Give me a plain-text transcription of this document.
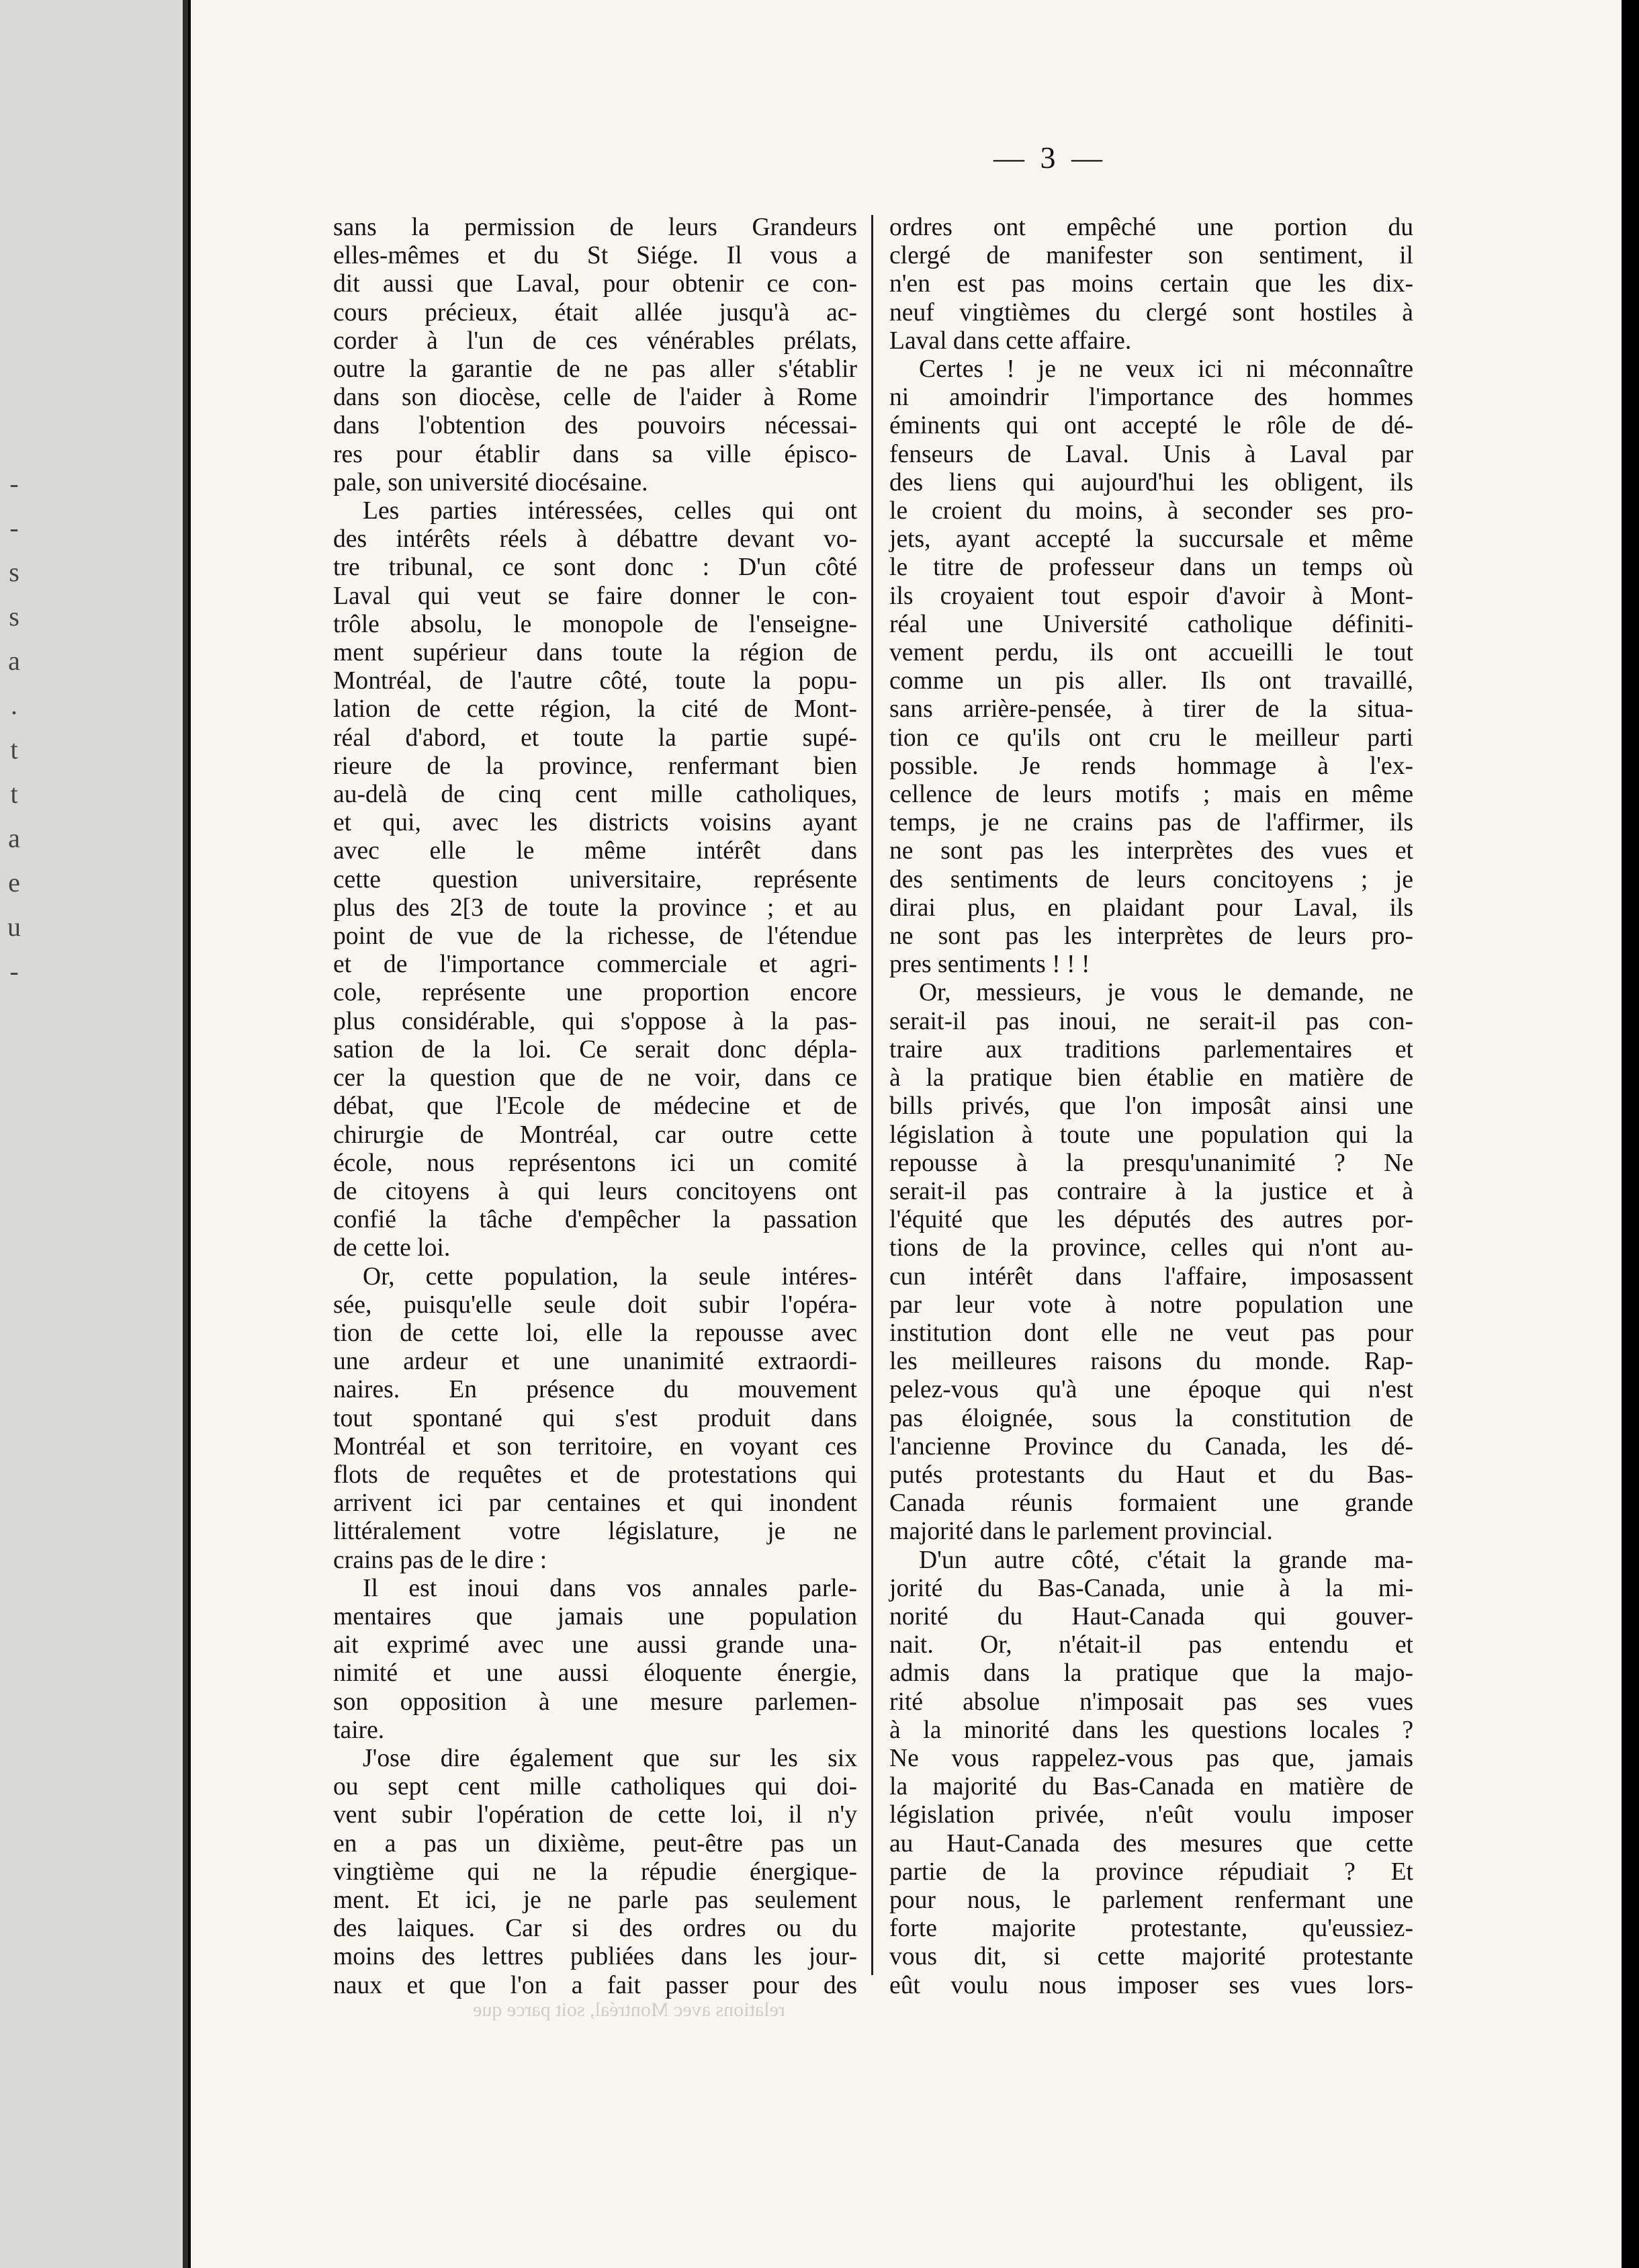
-
-
s
s
a
.
t
t
a
e
u
-
— 3 —

sans la permission de leurs Grandeurs

elles-mêmes et du St Siége. Il vous a

dit aussi que Laval, pour obtenir ce con-

cours précieux, était allée jusqu'à ac-

corder à l'un de ces vénérables prélats,

outre la garantie de ne pas aller s'établir

dans son diocèse, celle de l'aider à Rome

dans l'obtention des pouvoirs nécessai-

res pour établir dans sa ville épisco-

pale, son université diocésaine.

Les parties intéressées, celles qui ont

des intérêts réels à débattre devant vo-

tre tribunal, ce sont donc : D'un côté

Laval qui veut se faire donner le con-

trôle absolu, le monopole de l'enseigne-

ment supérieur dans toute la région de

Montréal, de l'autre côté, toute la popu-

lation de cette région, la cité de Mont-

réal d'abord, et toute la partie supé-

rieure de la province, renfermant bien

au-delà de cinq cent mille catholiques,

et qui, avec les districts voisins ayant

avec elle le même intérêt dans

cette question universitaire, représente

plus des 2[3 de toute la province ; et au

point de vue de la richesse, de l'étendue

et de l'importance commerciale et agri-

cole, représente une proportion encore

plus considérable, qui s'oppose à la pas-

sation de la loi. Ce serait donc dépla-

cer la question que de ne voir, dans ce

débat, que l'Ecole de médecine et de

chirurgie de Montréal, car outre cette

école, nous représentons ici un comité

de citoyens à qui leurs concitoyens ont

confié la tâche d'empêcher la passation

de cette loi.

Or, cette population, la seule intéres-

sée, puisqu'elle seule doit subir l'opéra-

tion de cette loi, elle la repousse avec

une ardeur et une unanimité extraordi-

naires. En présence du mouvement

tout spontané qui s'est produit dans

Montréal et son territoire, en voyant ces

flots de requêtes et de protestations qui

arrivent ici par centaines et qui inondent

littéralement votre législature, je ne

crains pas de le dire :

Il est inoui dans vos annales parle-

mentaires que jamais une population

ait exprimé avec une aussi grande una-

nimité et une aussi éloquente énergie,

son opposition à une mesure parlemen-

taire.

J'ose dire également que sur les six

ou sept cent mille catholiques qui doi-

vent subir l'opération de cette loi, il n'y

en a pas un dixième, peut-être pas un

vingtième qui ne la répudie énergique-

ment. Et ici, je ne parle pas seulement

des laiques. Car si des ordres ou du

moins des lettres publiées dans les jour-

naux et que l'on a fait passer pour des

ordres ont empêché une portion du

clergé de manifester son sentiment, il

n'en est pas moins certain que les dix-

neuf vingtièmes du clergé sont hostiles à

Laval dans cette affaire.

Certes ! je ne veux ici ni méconnaître

ni amoindrir l'importance des hommes

éminents qui ont accepté le rôle de dé-

fenseurs de Laval. Unis à Laval par

des liens qui aujourd'hui les obligent, ils

le croient du moins, à seconder ses pro-

jets, ayant accepté la succursale et même

le titre de professeur dans un temps où

ils croyaient tout espoir d'avoir à Mont-

réal une Université catholique définiti-

vement perdu, ils ont accueilli le tout

comme un pis aller. Ils ont travaillé,

sans arrière-pensée, à tirer de la situa-

tion ce qu'ils ont cru le meilleur parti

possible. Je rends hommage à l'ex-

cellence de leurs motifs ; mais en même

temps, je ne crains pas de l'affirmer, ils

ne sont pas les interprètes des vues et

des sentiments de leurs concitoyens ; je

dirai plus, en plaidant pour Laval, ils

ne sont pas les interprètes de leurs pro-

pres sentiments ! ! !

Or, messieurs, je vous le demande, ne

serait-il pas inoui, ne serait-il pas con-

traire aux traditions parlementaires et

à la pratique bien établie en matière de

bills privés, que l'on imposât ainsi une

législation à toute une population qui la

repousse à la presqu'unanimité ? Ne

serait-il pas contraire à la justice et à

l'équité que les députés des autres por-

tions de la province, celles qui n'ont au-

cun intérêt dans l'affaire, imposassent

par leur vote à notre population une

institution dont elle ne veut pas pour

les meilleures raisons du monde. Rap-

pelez-vous qu'à une époque qui n'est

pas éloignée, sous la constitution de

l'ancienne Province du Canada, les dé-

putés protestants du Haut et du Bas-

Canada réunis formaient une grande

majorité dans le parlement provincial.

D'un autre côté, c'était la grande ma-

jorité du Bas-Canada, unie à la mi-

norité du Haut-Canada qui gouver-

nait. Or, n'était-il pas entendu et

admis dans la pratique que la majo-

rité absolue n'imposait pas ses vues

à la minorité dans les questions locales ?

Ne vous rappelez-vous pas que, jamais

la majorité du Bas-Canada en matière de

législation privée, n'eût voulu imposer

au Haut-Canada des mesures que cette

partie de la province répudiait ? Et

pour nous, le parlement renfermant une

forte majorite protestante, qu'eussiez-

vous dit, si cette majorité protestante

eût voulu nous imposer ses vues lors-

relations avec Montréal, soit parce que
